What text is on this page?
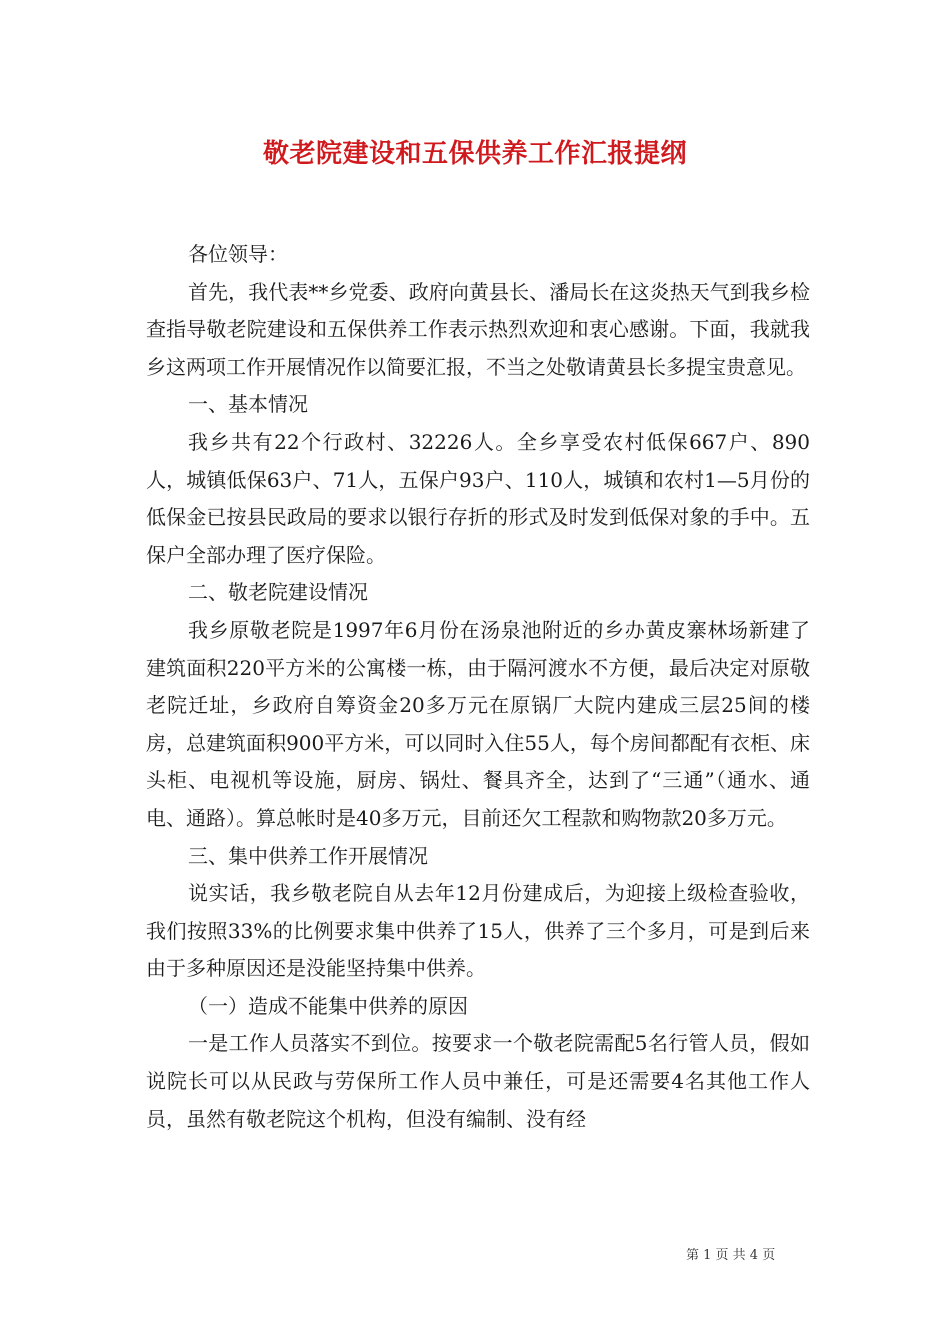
敬老院建设和五保供养工作汇报提纲

各位领导：

首先，我代表**乡党委、政府向黄县长、潘局长在这炎热天气到我乡检查指导敬老院建设和五保供养工作表示热烈欢迎和衷心感谢。下面，我就我乡这两项工作开展情况作以简要汇报，不当之处敬请黄县长多提宝贵意见。

一、基本情况

我乡共有22个行政村、32226人。全乡享受农村低保667户、890人，城镇低保63户、71人，五保户93户、110人，城镇和农村1—5月份的低保金已按县民政局的要求以银行存折的形式及时发到低保对象的手中。五保户全部办理了医疗保险。

二、敬老院建设情况

我乡原敬老院是1997年6月份在汤泉池附近的乡办黄皮寨林场新建了建筑面积220平方米的公寓楼一栋，由于隔河渡水不方便，最后决定对原敬老院迁址，乡政府自筹资金20多万元在原锅厂大院内建成三层25间的楼房，总建筑面积900平方米，可以同时入住55人，每个房间都配有衣柜、床头柜、电视机等设施，厨房、锅灶、餐具齐全，达到了“三通”（通水、通电、通路）。算总帐时是40多万元，目前还欠工程款和购物款20多万元。

三、集中供养工作开展情况

说实话，我乡敬老院自从去年12月份建成后，为迎接上级检查验收，我们按照33%的比例要求集中供养了15人，供养了三个多月，可是到后来由于多种原因还是没能坚持集中供养。

（一）造成不能集中供养的原因

一是工作人员落实不到位。按要求一个敬老院需配5名行管人员，假如说院长可以从民政与劳保所工作人员中兼任，可是还需要4名其他工作人员，虽然有敬老院这个机构，但没有编制、没有经

第 1 页 共 4 页
